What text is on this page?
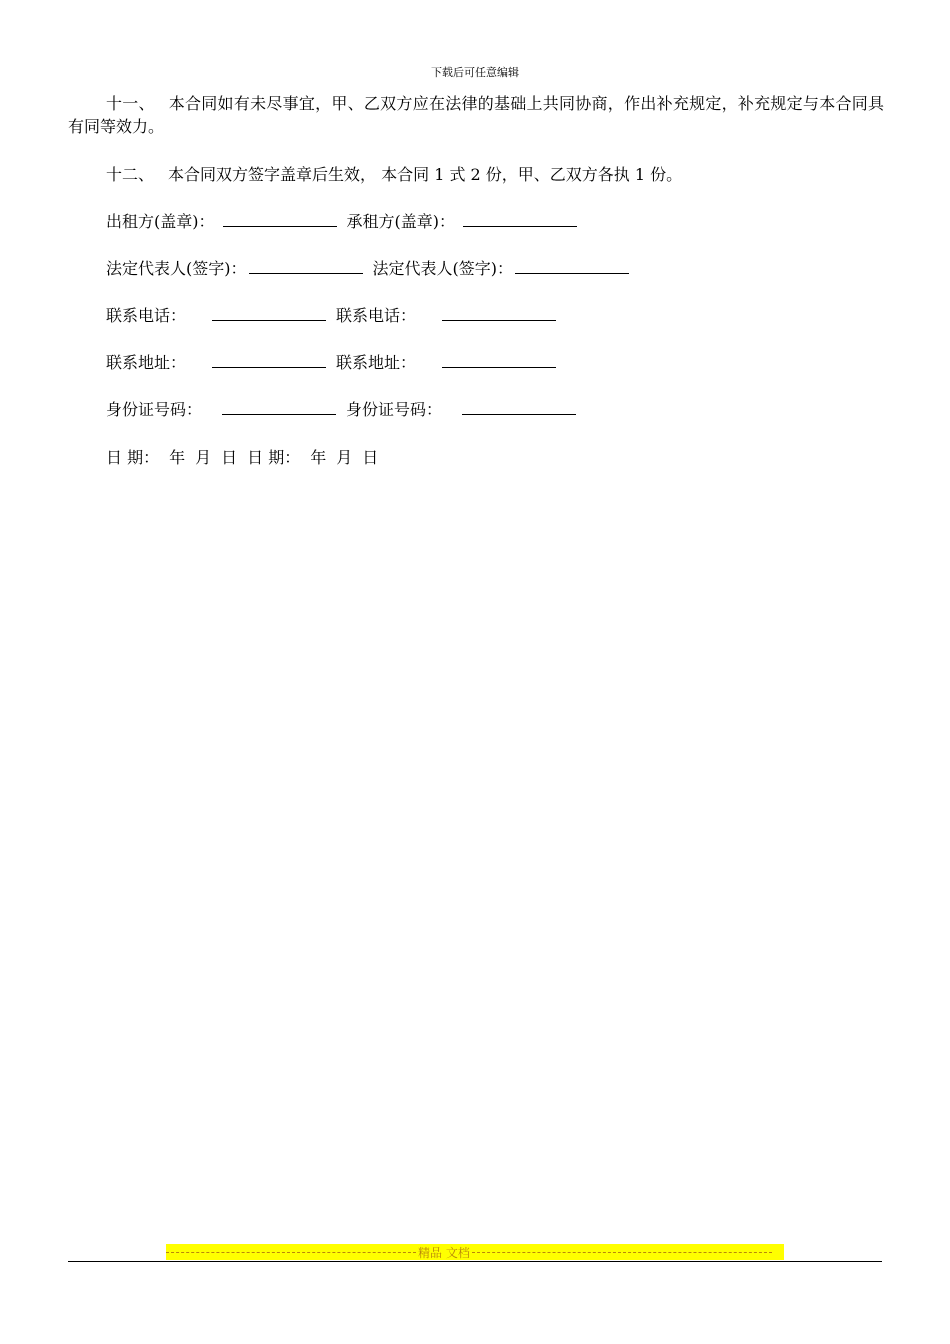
下载后可任意编辑
十一、 本合同如有未尽事宜，甲、乙双方应在法律的基础上共同协商，作出补充规定，补充规定与本合同具有同等效力。
十二、 本合同双方签字盖章后生效， 本合同 1 式 2 份，甲、乙双方各执 1 份。
出租方(盖章)：	承租方(盖章)：
法定代表人(签字)：	法定代表人(签字)：
联系电话：	联系电话：
联系地址：	联系地址：
身份证号码：	身份证号码：
日 期： 年 月 日 日 期： 年 月 日
精品 文档
